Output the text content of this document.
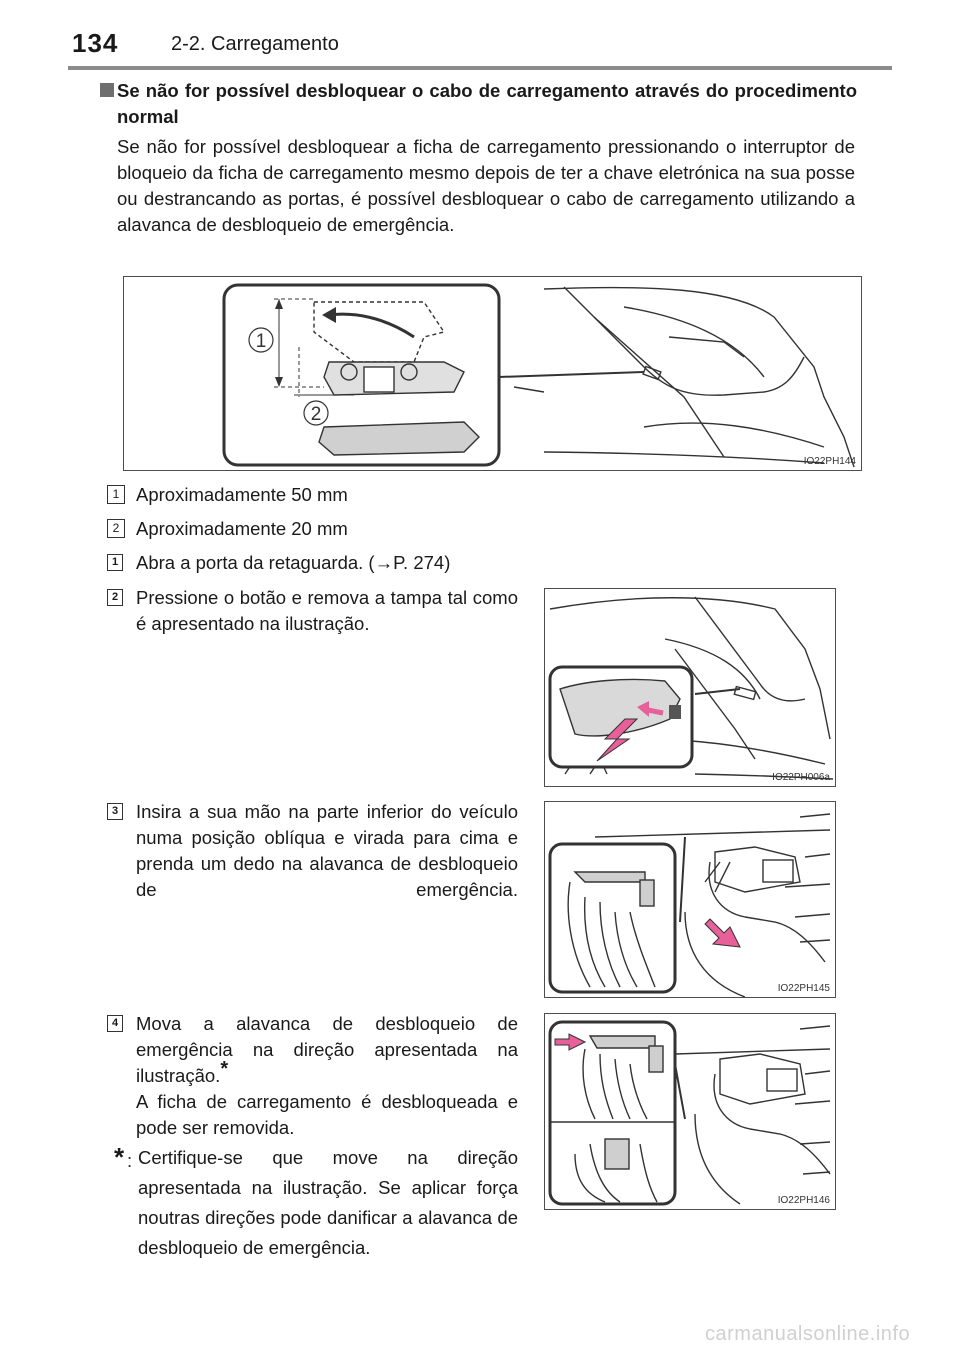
134	2-2. Carregamento
Se não for possível desbloquear o cabo de carregamento através do procedimento normal
Se não for possível desbloquear a ficha de carregamento pressionando o interruptor de bloqueio da ficha de carregamento mesmo depois de ter a chave eletrónica na sua posse ou destrancando as portas, é possível desbloquear o cabo de carregamento utilizando a alavanca de desbloqueio de emergência.
1
2
IO22PH144
1 Aproximadamente 50 mm
2 Aproximadamente 20 mm
1 Abra a porta da retaguarda. (→P. 274)
2 Pressione o botão e remova a tampa tal como é apresentado na ilustração.
IO22PH006a
3 Insira a sua mão na parte inferior do veículo numa posição oblíqua e virada para cima e prenda um dedo na alavanca de desbloqueio de emergência.
IO22PH145
4 Mova a alavanca de desbloqueio de emergência na direção apresentada na ilustração.*
A ficha de carregamento é desbloqueada e pode ser removida.
IO22PH146
* : Certifique-se que move na direção apresentada na ilustração. Se aplicar força noutras direções pode danificar a alavanca de desbloqueio de emergência.
carmanualsonline.info
